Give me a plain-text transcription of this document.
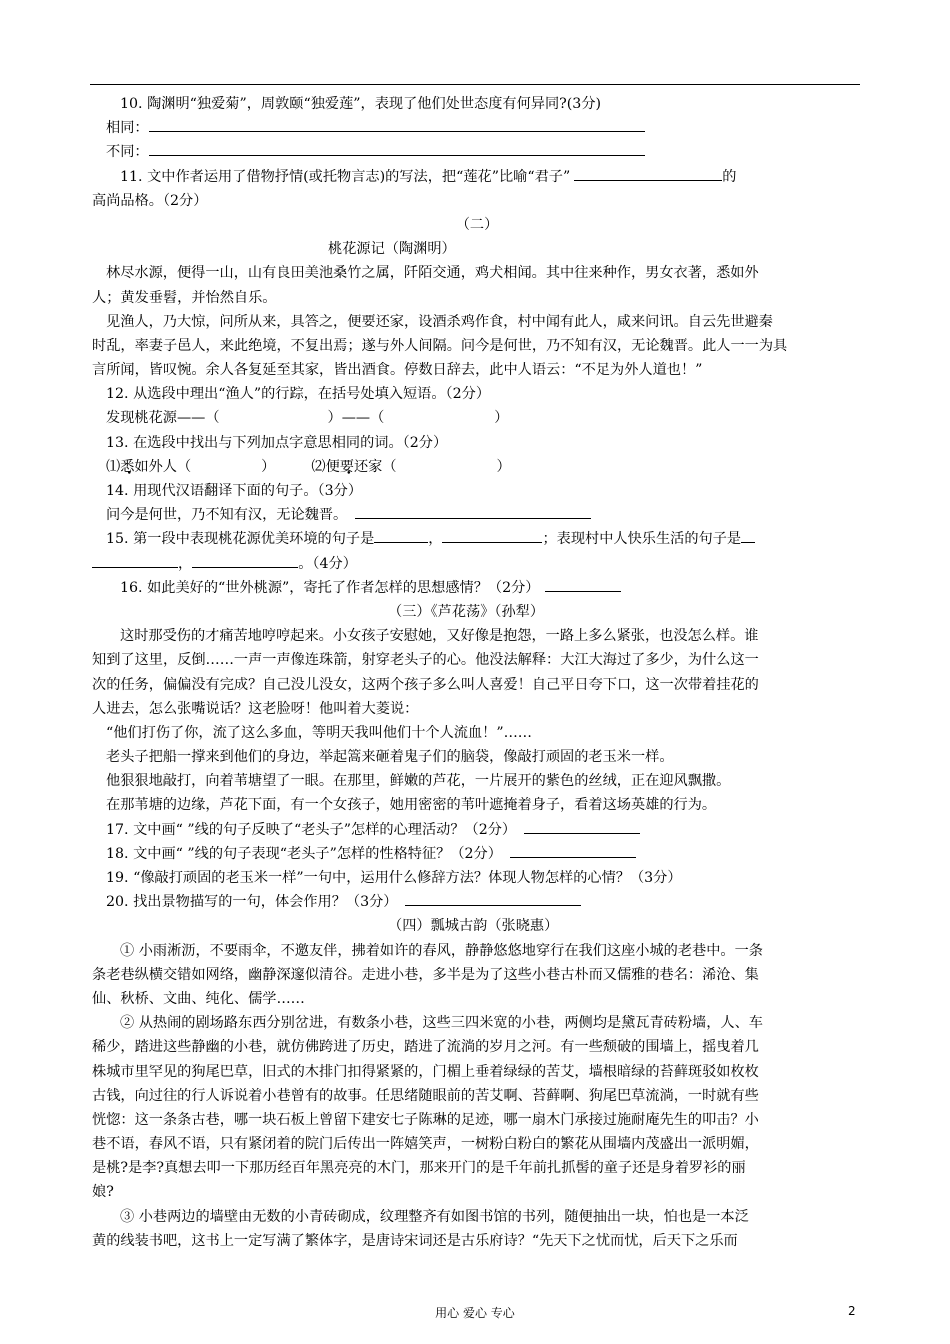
10. 陶渊明“独爱菊”，周敦颐“独爱莲”，表现了他们处世态度有何异同?(3分)
相同：
不同：
11. 文中作者运用了借物抒情(或托物言志)的写法，把“莲花”比喻“君子”	的
高尚品格。（2分）
（二）
桃花源记（陶渊明）
林尽水源，便得一山，山有良田美池桑竹之属，阡陌交通，鸡犬相闻。其中往来种作，男女衣著，悉如外
人；黄发垂髫，并怡然自乐。
见渔人，乃大惊，问所从来，具答之，便要还家，设酒杀鸡作食，村中闻有此人，咸来问讯。自云先世避秦
时乱，率妻子邑人，来此绝境，不复出焉；遂与外人间隔。问今是何世，乃不知有汉，无论魏晋。此人一一为具
言所闻，皆叹惋。余人各复延至其家，皆出酒食。停数日辞去，此中人语云：“不足为外人道也！”
12. 从选段中理出“渔人”的行踪，在括号处填入短语。（2分）
发现桃花源——（	）——（	）
13. 在选段中找出与下列加点字意思相同的词。（2分）
⑴悉如外人（	）	⑵便要还家（	）
14. 用现代汉语翻译下面的句子。（3分）
问今是何世，乃不知有汉，无论魏晋。
15. 第一段中表现桃花源优美环境的句子是	，	；表现村中人快乐生活的句子是
，	。（4分）
16. 如此美好的“世外桃源”，寄托了作者怎样的思想感情？（2分）
（三）《芦花荡》（孙犁）
这时那受伤的才痛苦地哼哼起来。小女孩子安慰她，又好像是抱怨，一路上多么紧张，也没怎么样。谁
知到了这里，反倒……一声一声像连珠箭，射穿老头子的心。他没法解释：大江大海过了多少，为什么这一
次的任务，偏偏没有完成？自己没儿没女，这两个孩子多么叫人喜爱！自己平日夸下口，这一次带着挂花的
人进去，怎么张嘴说话？这老脸呀！他叫着大菱说：
“他们打伤了你，流了这么多血，等明天我叫他们十个人流血！”……
老头子把船一撑来到他们的身边，举起篙来砸着鬼子们的脑袋，像敲打顽固的老玉米一样。
他狠狠地敲打，向着苇塘望了一眼。在那里，鲜嫩的芦花，一片展开的紫色的丝绒，正在迎风飘撒。
在那苇塘的边缘，芦花下面，有一个女孩子，她用密密的苇叶遮掩着身子，看着这场英雄的行为。
17. 文中画“ ”线的句子反映了“老头子”怎样的心理活动？（2分）
18. 文中画“ ”线的句子表现“老头子”怎样的性格特征？（2分）
19. “像敲打顽固的老玉米一样”一句中，运用什么修辞方法？体现人物怎样的心情？（3分）
20. 找出景物描写的一句，体会作用？（3分）
（四）瓢城古韵（张晓惠）
① 小雨淅沥，不要雨伞，不邀友伴，拂着如许的春风，静静悠悠地穿行在我们这座小城的老巷中。一条
条老巷纵横交错如网络，幽静深邃似清谷。走进小巷，多半是为了这些小巷古朴而又儒雅的巷名：浠沧、集
仙、秋桥、文曲、纯化、儒学……
② 从热闹的剧场路东西分别岔进，有数条小巷，这些三四米宽的小巷，两侧均是黛瓦青砖粉墙，人、车
稀少，踏进这些静幽的小巷，就仿佛跨进了历史，踏进了流淌的岁月之河。有一些颓破的围墙上，摇曳着几
株城市里罕见的狗尾巴草，旧式的木排门扣得紧紧的，门楣上垂着绿绿的苦艾，墙根暗绿的苔藓斑驳如枚枚
古钱，向过往的行人诉说着小巷曾有的故事。任思绪随眼前的苦艾啊、苔藓啊、狗尾巴草流淌，一时就有些
恍惚：这一条条古巷，哪一块石板上曾留下建安七子陈琳的足迹，哪一扇木门承接过施耐庵先生的叩击？小
巷不语，春风不语，只有紧闭着的院门后传出一阵嬉笑声，一树粉白粉白的繁花从围墙内茂盛出一派明媚，
是桃?是李?真想去叩一下那历经百年黑亮亮的木门，那来开门的是千年前扎抓髻的童子还是身着罗衫的丽
娘?
③ 小巷两边的墙壁由无数的小青砖砌成，纹理整齐有如图书馆的书列，随便抽出一块，怕也是一本泛
黄的线装书吧，这书上一定写满了繁体字，是唐诗宋词还是古乐府诗？“先天下之忧而忧，后天下之乐而
用心 爱心 专心	2
